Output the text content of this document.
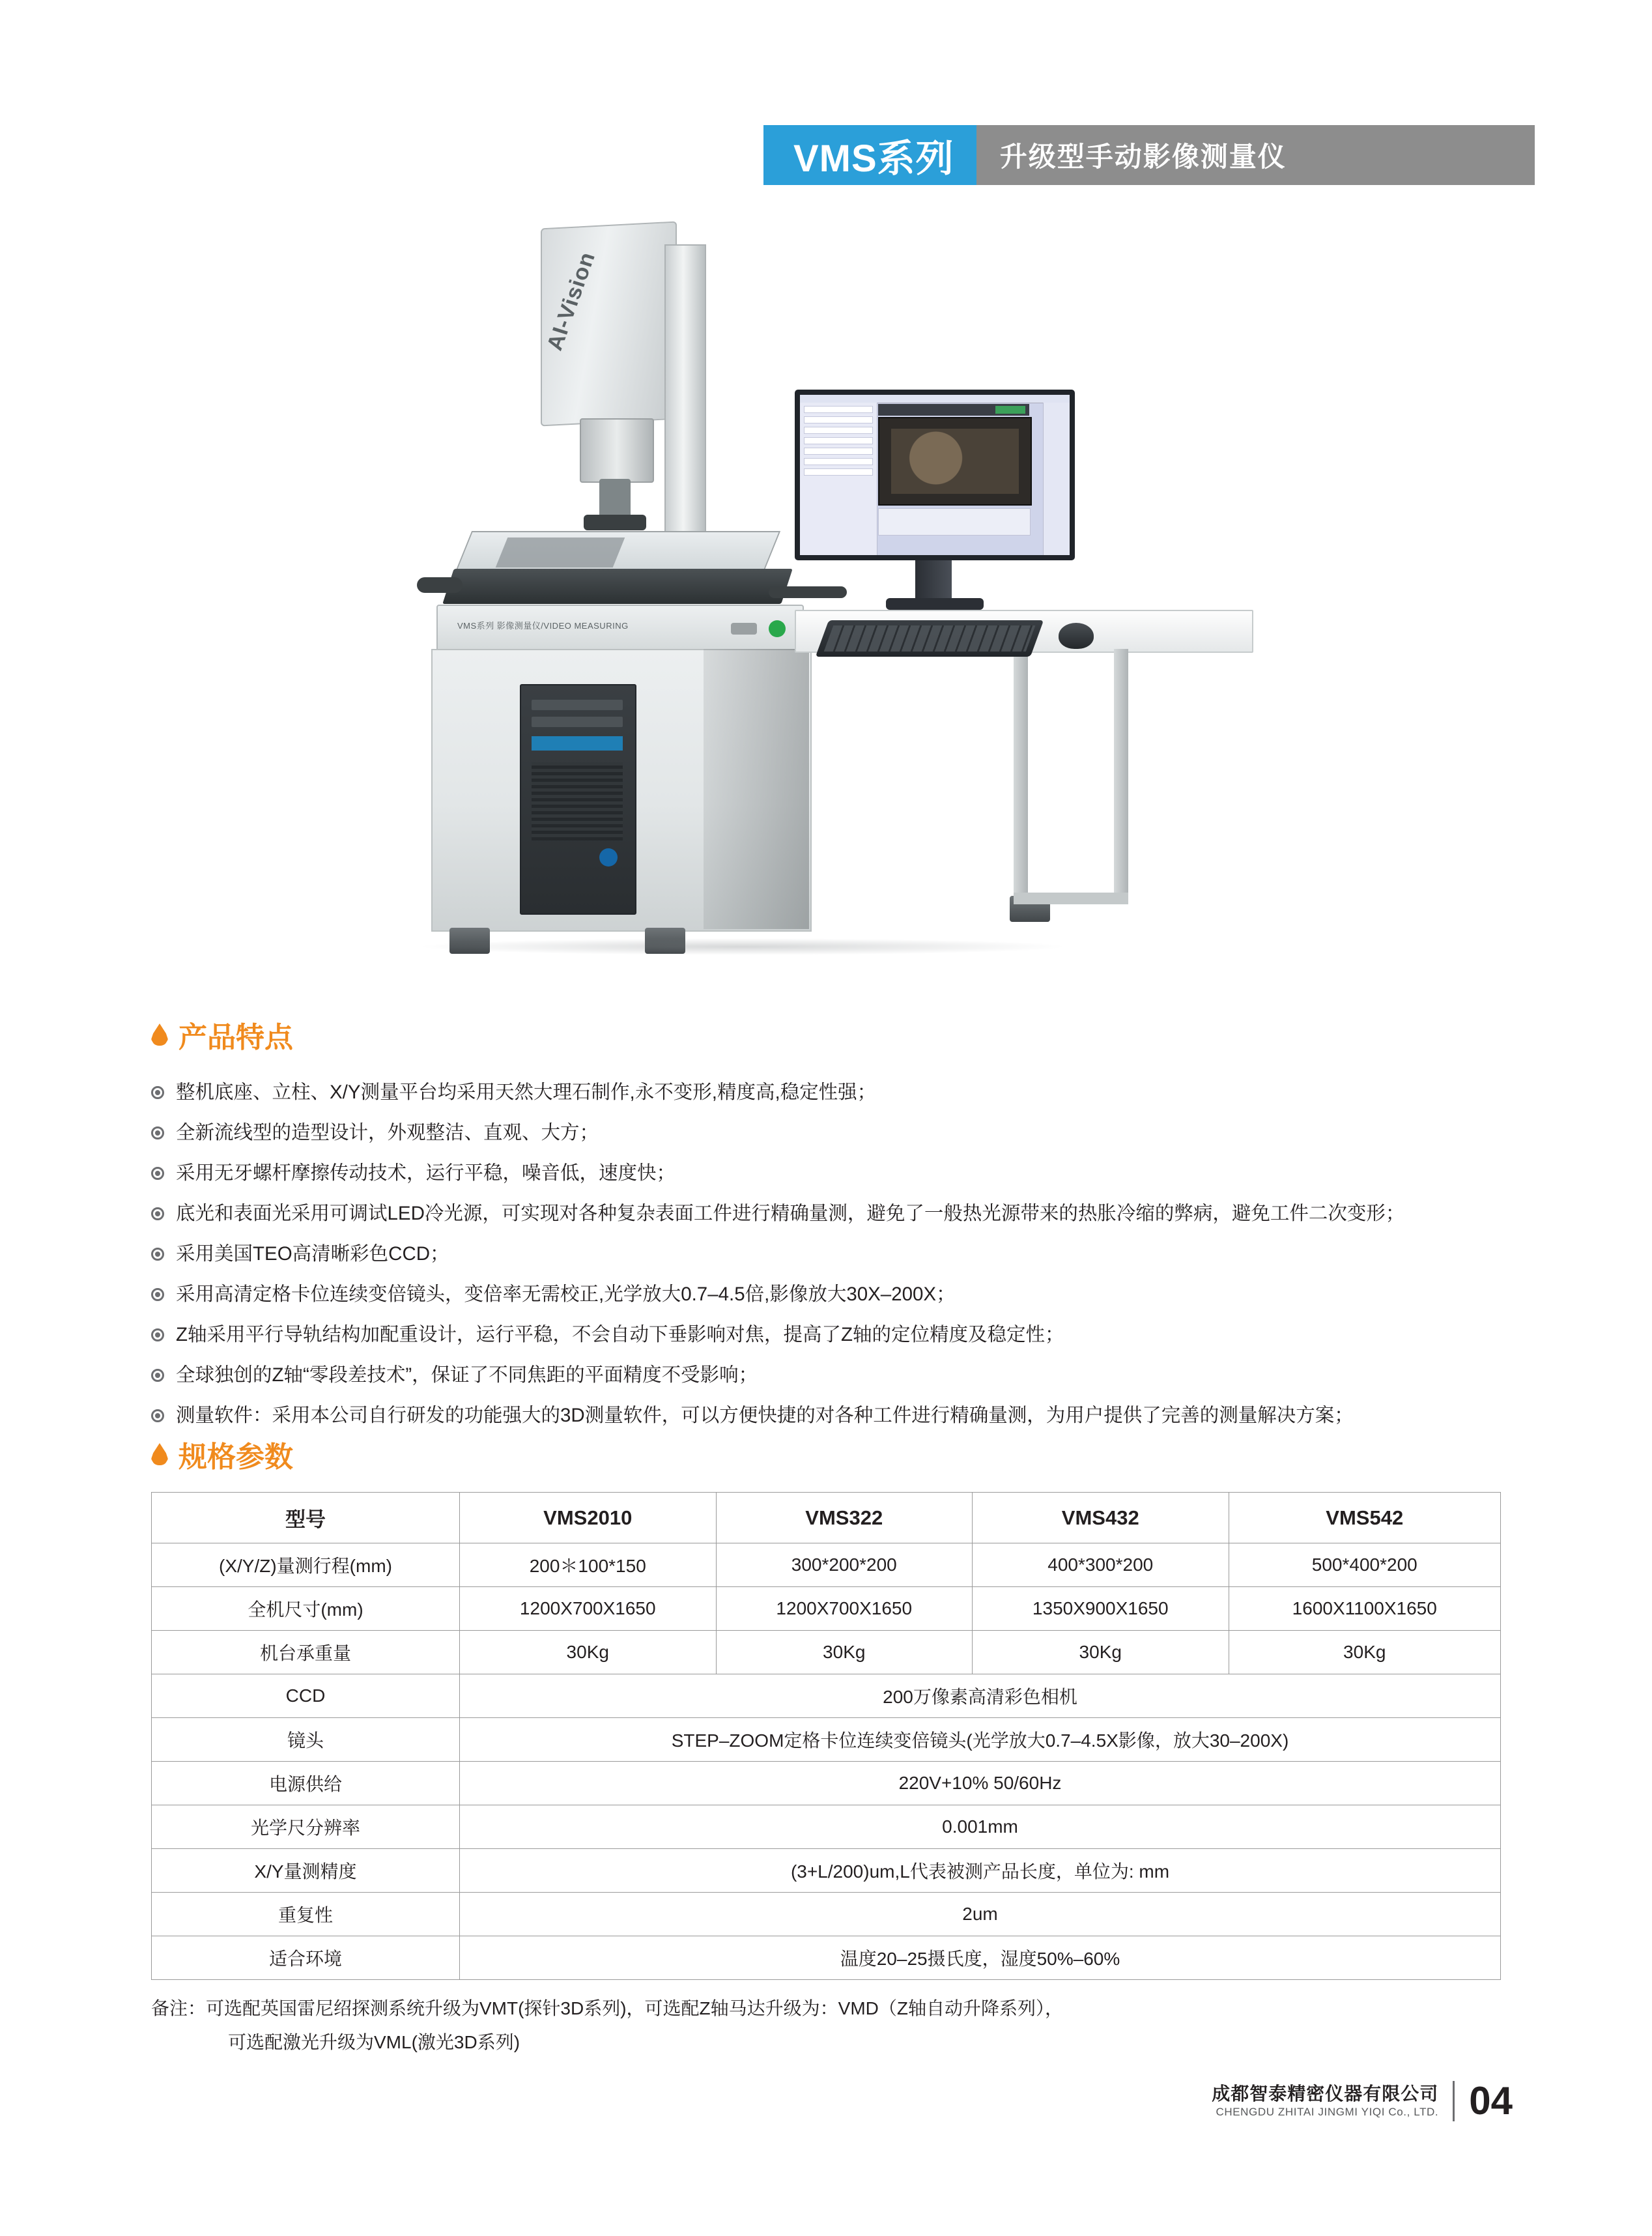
VMS系列	升级型手动影像测量仪
AI-Vision
VMS系列 影像测量仪/VIDEO MEASURING
产品特点
整机底座、立柱、X/Y测量平台均采用天然大理石制作,永不变形,精度高,稳定性强；
全新流线型的造型设计，外观整洁、直观、大方；
采用无牙螺杆摩擦传动技术，运行平稳，噪音低，速度快；
底光和表面光采用可调试LED冷光源，可实现对各种复杂表面工件进行精确量测，避免了一般热光源带来的热胀冷缩的弊病，避免工件二次变形；
采用美国TEO高清晰彩色CCD；
采用高清定格卡位连续变倍镜头，变倍率无需校正,光学放大0.7–4.5倍,影像放大30X–200X；
Z轴采用平行导轨结构加配重设计，运行平稳，不会自动下垂影响对焦，提高了Z轴的定位精度及稳定性；
全球独创的Z轴“零段差技术”，保证了不同焦距的平面精度不受影响；
测量软件：采用本公司自行研发的功能强大的3D测量软件，可以方便快捷的对各种工件进行精确量测，为用户提供了完善的测量解决方案；
规格参数
型号	VMS2010	VMS322	VMS432	VMS542
(X/Y/Z)量测行程(mm)	200＊100*150	300*200*200	400*300*200	500*400*200
全机尺寸(mm)	1200X700X1650	1200X700X1650	1350X900X1650	1600X1100X1650
机台承重量	30Kg	30Kg	30Kg	30Kg
CCD	200万像素高清彩色相机			
镜头	STEP–ZOOM定格卡位连续变倍镜头(光学放大0.7–4.5X影像，放大30–200X)			
电源供给	220V+10% 50/60Hz			
光学尺分辨率	0.001mm			
X/Y量测精度	(3+L/200)um,L代表被测产品长度，单位为: mm			
重复性	2um			
适合环境	温度20–25摄氏度，湿度50%–60%			
备注：可选配英国雷尼绍探测系统升级为VMT(探针3D系列)，可选配Z轴马达升级为：VMD（Z轴自动升降系列），
可选配激光升级为VML(激光3D系列)
成都智泰精密仪器有限公司
CHENGDU ZHITAI JINGMI YIQI Co., LTD. 04
